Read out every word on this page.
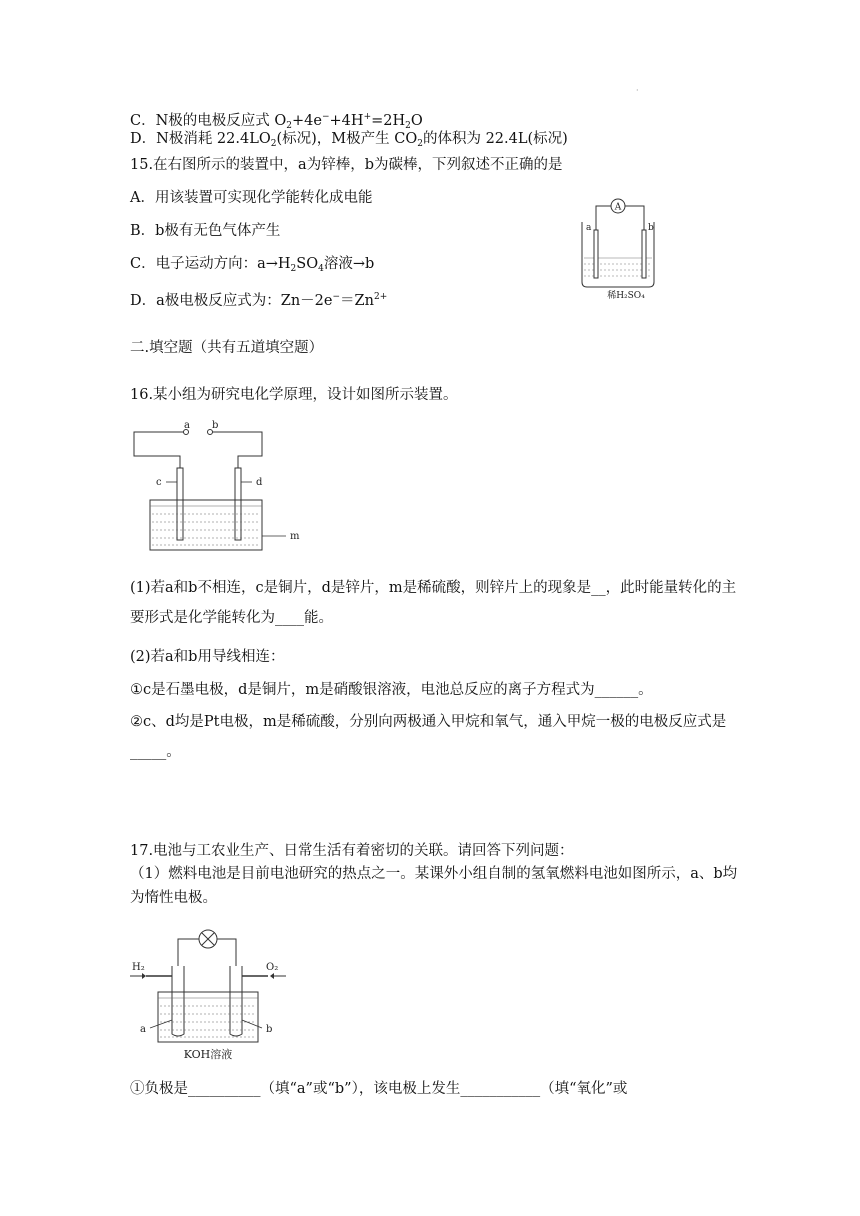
·
C．N极的电极反应式 $O_2+4e^-+4H^+=2H_2O$
D．N极消耗 $22.4LO_2$(标况)，M极产生 $CO_2$的体积为 22.4L(标况)
15.在右图所示的装置中，a为锌棒，b为碳棒，下列叙述不正确的是
A．用该装置可实现化学能转化成电能
B．b极有无色气体产生
C．电子运动方向：$a\to H_2SO_4$溶液→b
D．a极电极反应式为：$Zn-2e^-=Zn^{2+}$
A
a	b
稀H₂SO₄
二.填空题（共有五道填空题）
16.某小组为研究电化学原理，设计如图所示装置。
a b
c	d
m
(1)若a和b不相连，c是铜片，d是锌片，m是稀硫酸，则锌片上的现象是__，此时能量转化的主要形式是化学能转化为____能。
(2)若a和b用导线相连：
①c是石墨电极，d是铜片，m是硝酸银溶液，电池总反应的离子方程式为______。
②c、d均是Pt电极，m是稀硫酸，分别向两极通入甲烷和氧气，通入甲烷一极的电极反应式是_____。
17.电池与工农业生产、日常生活有着密切的关联。请回答下列问题：
（1）燃料电池是目前电池研究的热点之一。某课外小组自制的氢氧燃料电池如图所示，a、b均为惰性电极。
H₂	O₂
a	b
KOH溶液
①负极是__________（填“a”或“b”），该电极上发生___________（填“氧化”或
